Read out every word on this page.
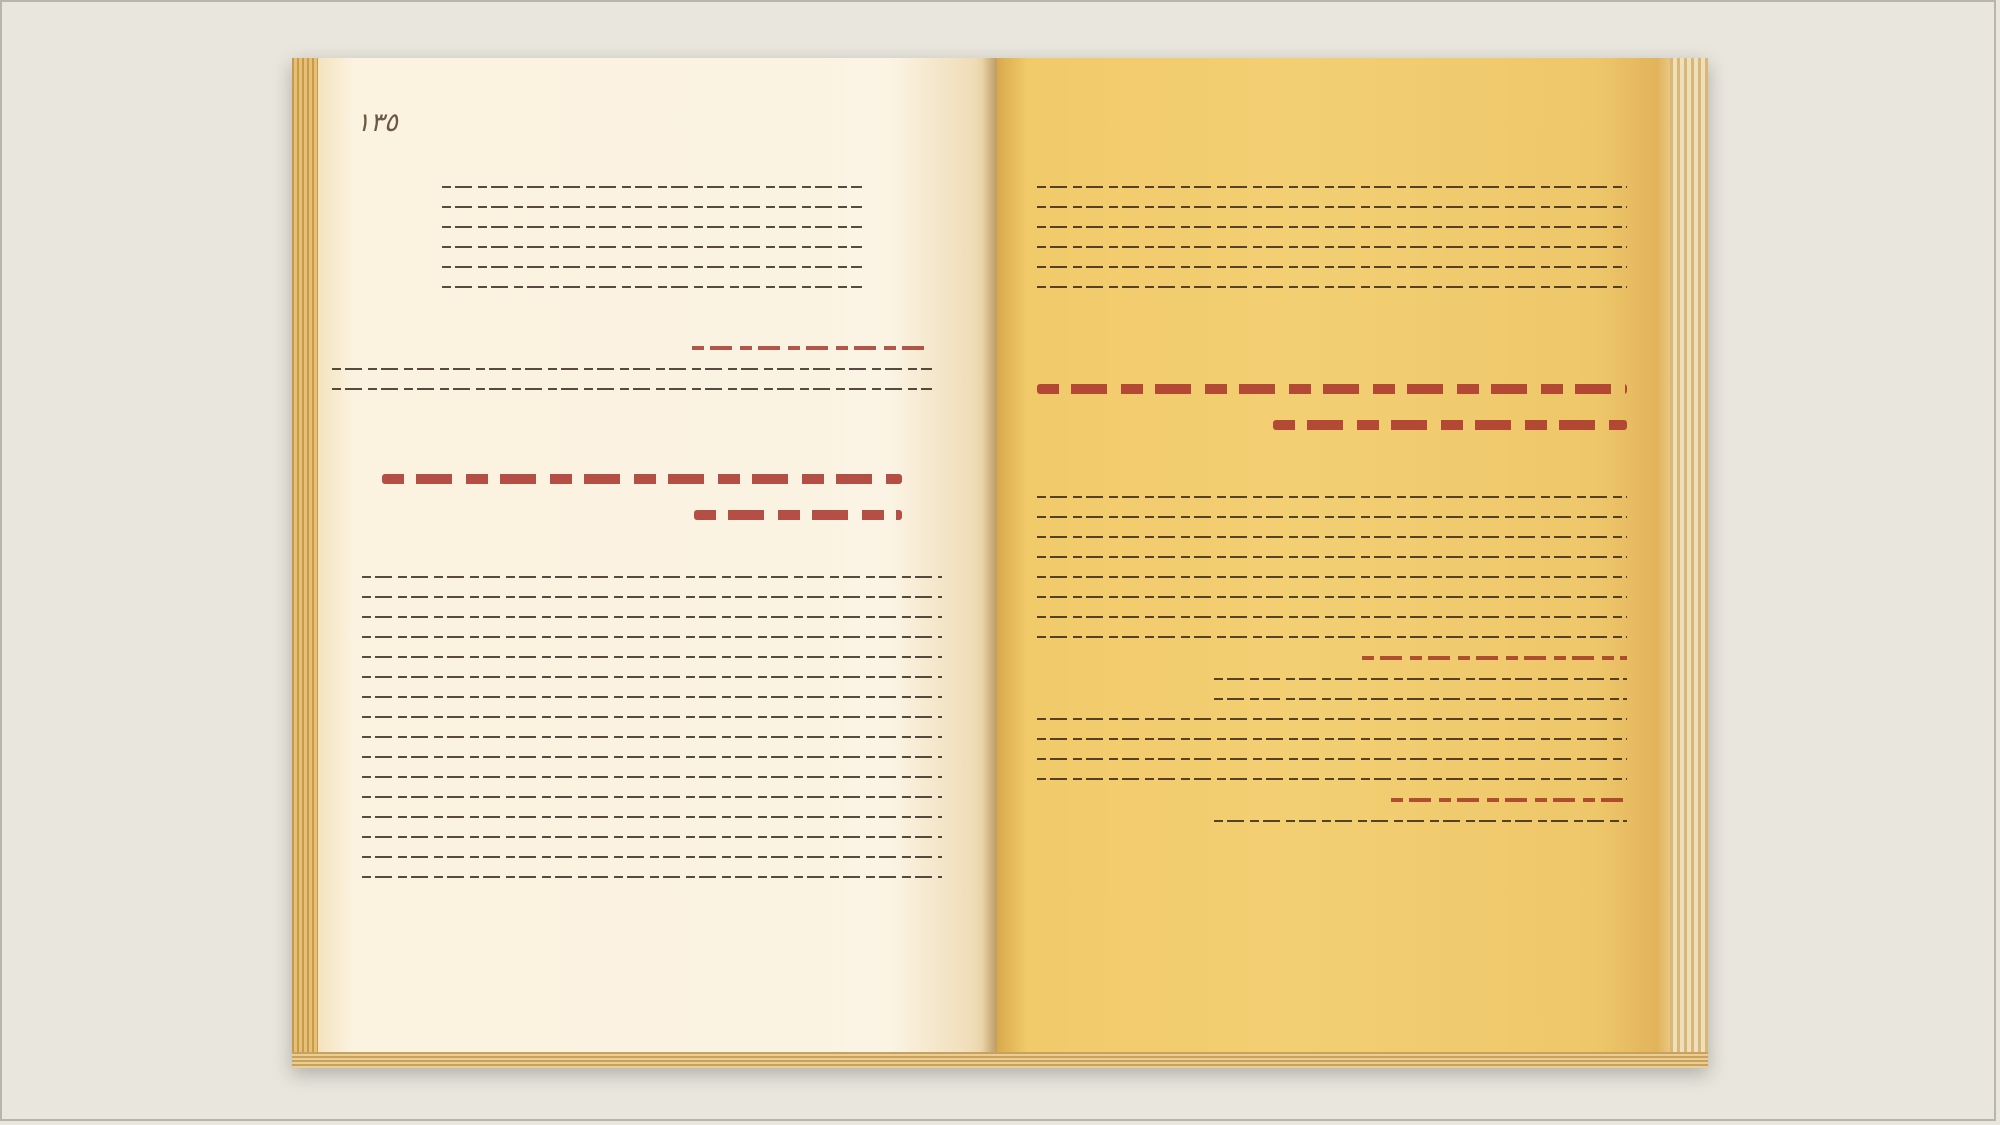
١٣٥
